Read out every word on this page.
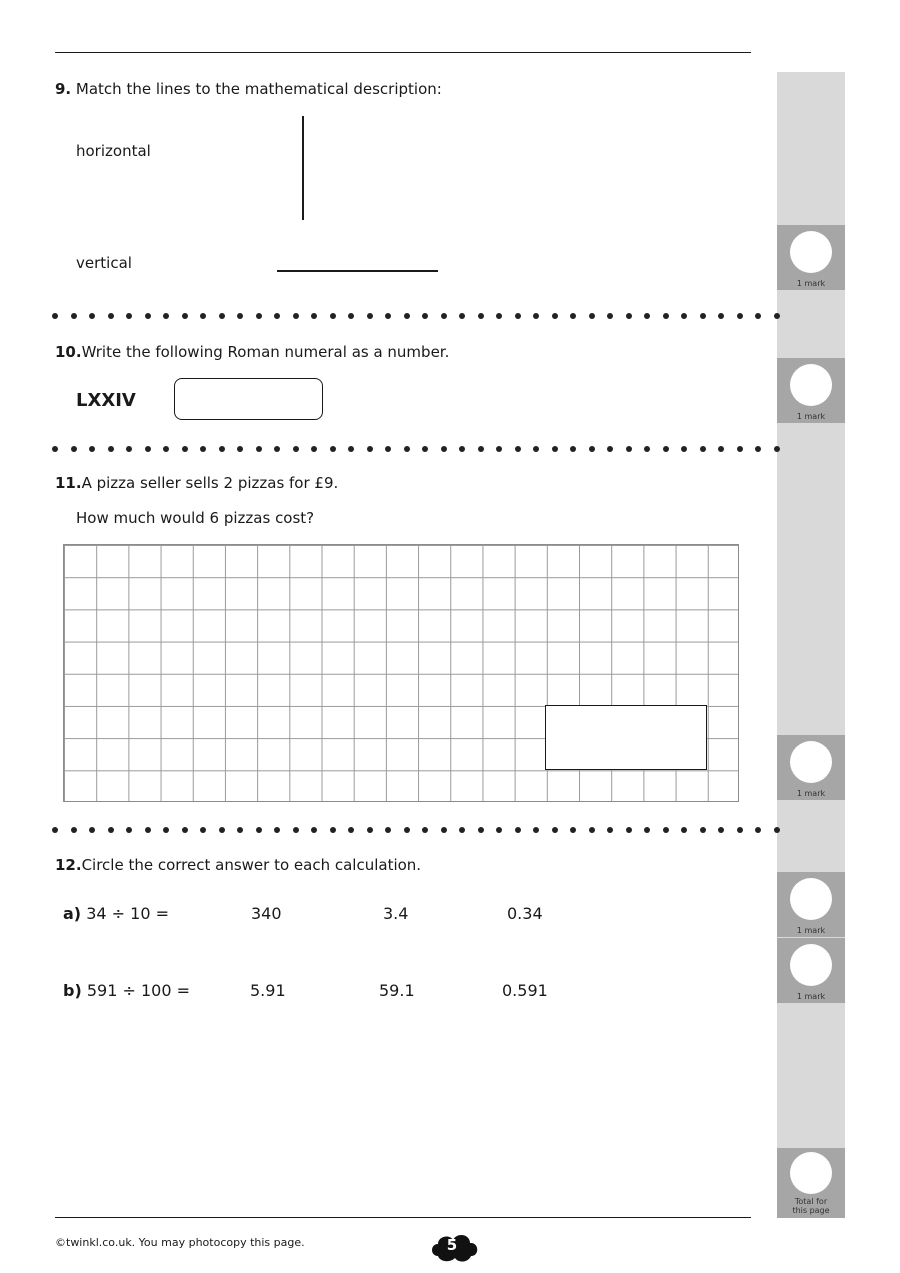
1 mark
1 mark
1 mark
1 mark
1 mark
Total for
this page
9. Match the lines to the mathematical description:
horizontal
vertical
10.Write the following Roman numeral as a number.
LXXIV
11.A pizza seller sells 2 pizzas for £9.
How much would 6 pizzas cost?
12.Circle the correct answer to each calculation.
a) 34 ÷ 10 =	340	3.4	0.34
b) 591 ÷ 100 =	5.91	59.1	0.591
©twinkl.co.uk. You may photocopy this page.	5
